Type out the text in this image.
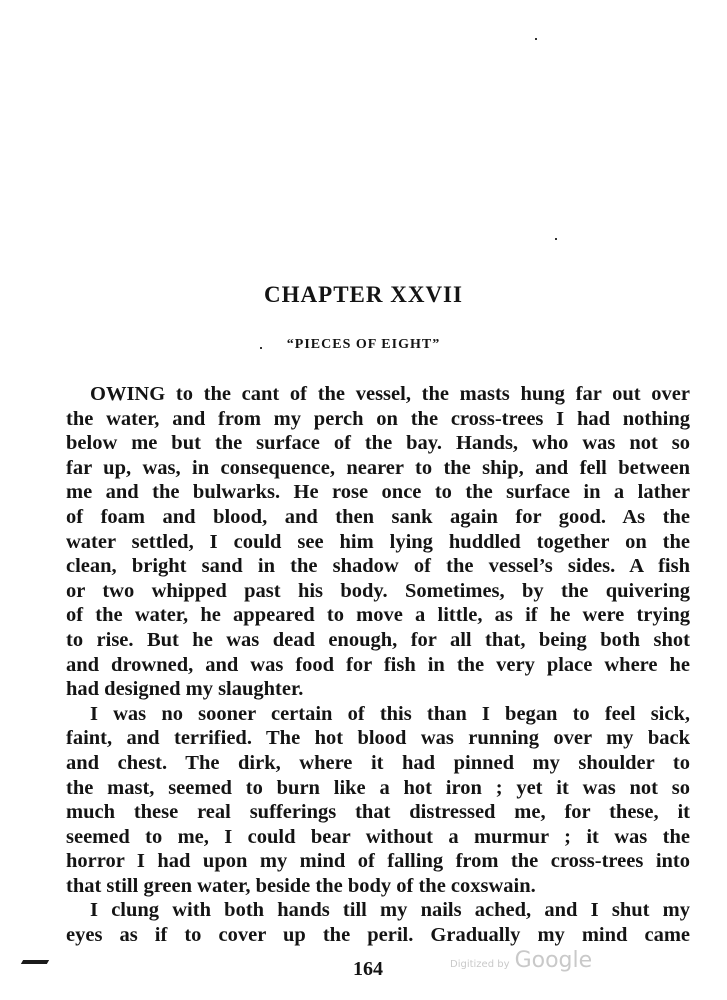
CHAPTER XXVII
“PIECES OF EIGHT”
OWING to the cant of the vessel, the masts hung far out over
the water, and from my perch on the cross-trees I had nothing
below me but the surface of the bay. Hands, who was not so
far up, was, in consequence, nearer to the ship, and fell between
me and the bulwarks. He rose once to the surface in a lather
of foam and blood, and then sank again for good. As the
water settled, I could see him lying huddled together on the
clean, bright sand in the shadow of the vessel’s sides. A fish
or two whipped past his body. Sometimes, by the quivering
of the water, he appeared to move a little, as if he were trying
to rise. But he was dead enough, for all that, being both shot
and drowned, and was food for fish in the very place where he
had designed my slaughter.
I was no sooner certain of this than I began to feel sick,
faint, and terrified. The hot blood was running over my back
and chest. The dirk, where it had pinned my shoulder to
the mast, seemed to burn like a hot iron ; yet it was not so
much these real sufferings that distressed me, for these, it
seemed to me, I could bear without a murmur ; it was the
horror I had upon my mind of falling from the cross-trees into
that still green water, beside the body of the coxswain.
I clung with both hands till my nails ached, and I shut my
eyes as if to cover up the peril. Gradually my mind came
164	Digitized by Google
